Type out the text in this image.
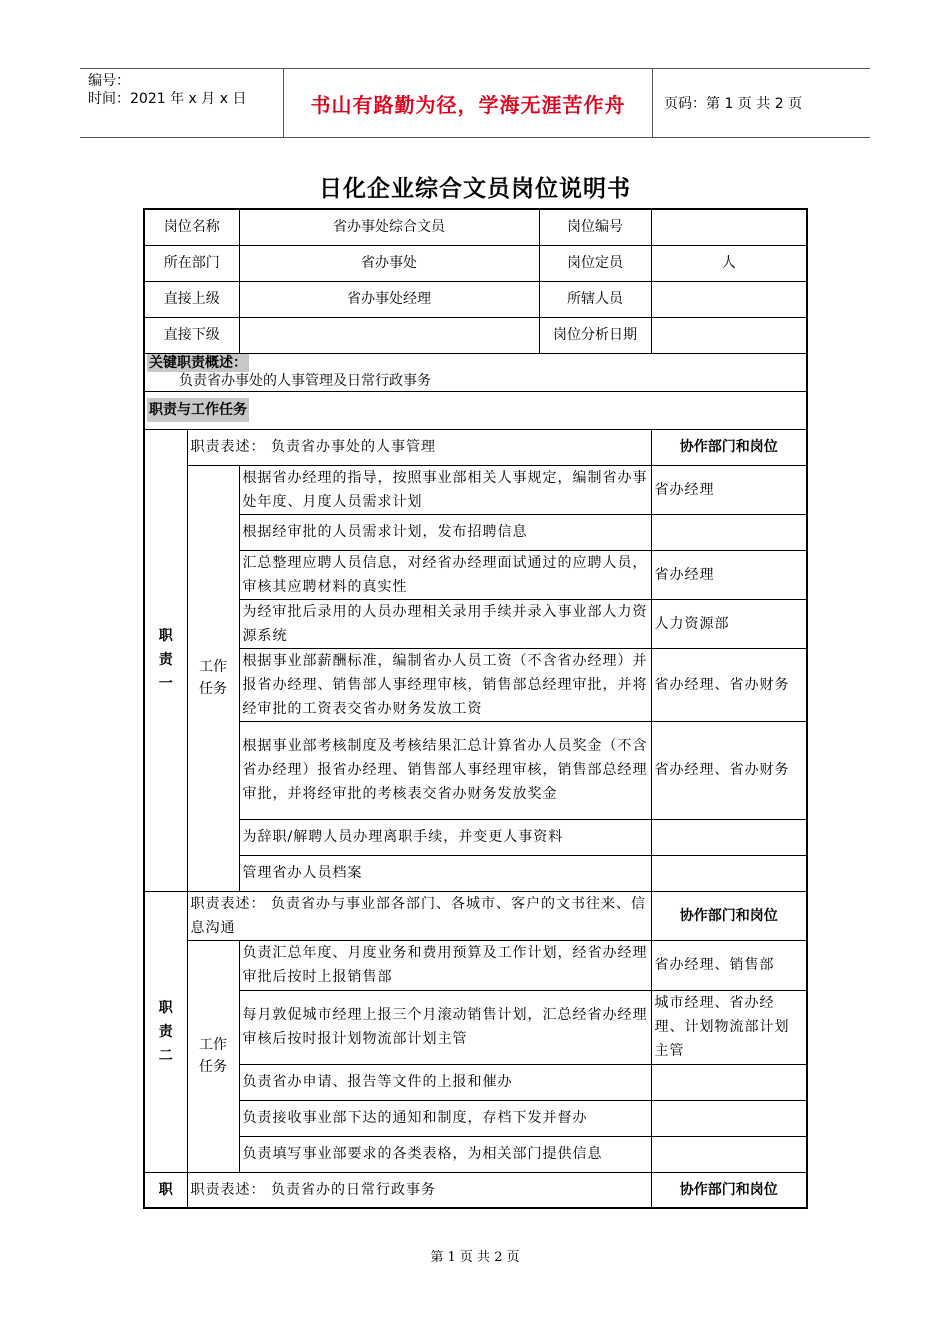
编号：
时间：2021 年 x 月 x 日	书山有路勤为径，学海无涯苦作舟	页码：第 1 页 共 2 页
日化企业综合文员岗位说明书
岗位名称		省办事处综合文员	岗位编号	
所在部门		省办事处	岗位定员	人
直接上级		省办事处经理	所辖人员	
直接下级			岗位分析日期	

关键职责概述：
负责省办事处的人事管理及日常行政事务				

职责与工作任务				
职责一	职责表述： 负责省办事处的人事管理			协作部门和岗位
	工作任务	根据省办经理的指导，按照事业部相关人事规定，编制省办事处年度、月度人员需求计划		省办经理
		根据经审批的人员需求计划，发布招聘信息		
		汇总整理应聘人员信息，对经省办经理面试通过的应聘人员，审核其应聘材料的真实性		省办经理
		为经审批后录用的人员办理相关录用手续并录入事业部人力资源系统		人力资源部
		根据事业部薪酬标准，编制省办人员工资（不含省办经理）并报省办经理、销售部人事经理审核，销售部总经理审批，并将经审批的工资表交省办财务发放工资		省办经理、省办财务
		根据事业部考核制度及考核结果汇总计算省办人员奖金（不含省办经理）报省办经理、销售部人事经理审核，销售部总经理审批，并将经审批的考核表交省办财务发放奖金		省办经理、省办财务
		为辞职/解聘人员办理离职手续，并变更人事资料		
		管理省办人员档案		
职责二	职责表述： 负责省办与事业部各部门、各城市、客户的文书往来、信息沟通			协作部门和岗位
	工作任务	负责汇总年度、月度业务和费用预算及工作计划，经省办经理审批后按时上报销售部		省办经理、销售部
		每月敦促城市经理上报三个月滚动销售计划，汇总经省办经理审核后按时报计划物流部计划主管		城市经理、省办经理、计划物流部计划主管
		负责省办申请、报告等文件的上报和催办		
		负责接收事业部下达的通知和制度，存档下发并督办		
		负责填写事业部要求的各类表格，为相关部门提供信息		
职	职责表述： 负责省办的日常行政事务			协作部门和岗位
第 1 页 共 2 页
